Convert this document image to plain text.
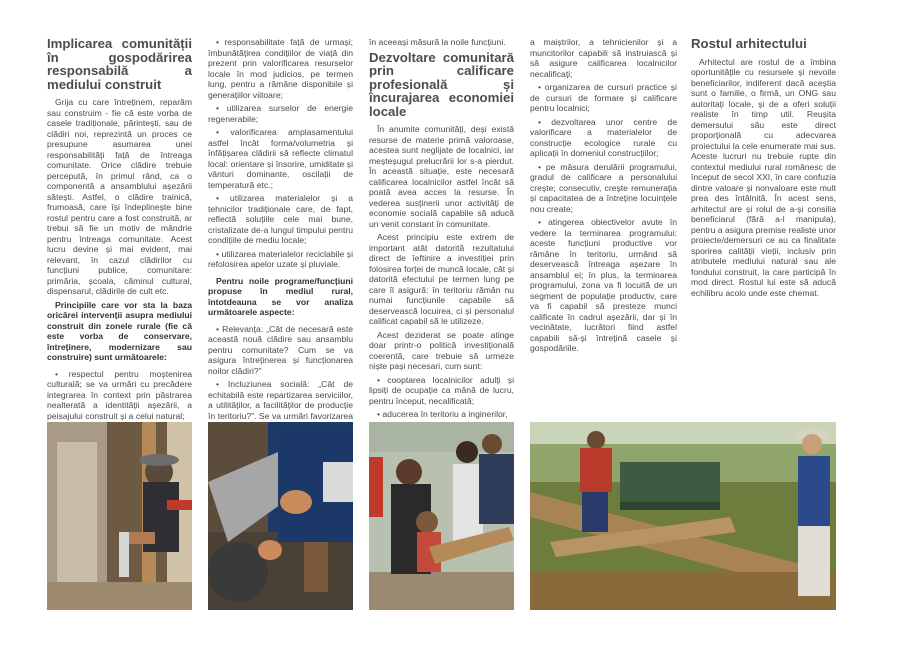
Implicarea comunității în gospodărirea responsabilă a mediului construit

Grija cu care întreținem, reparăm sau construim - fie că este vorba de casele tradiționale, părintești, sau de clădiri noi, reprezintă un proces ce presupune asumarea unei responsabilități față de întreaga comunitate. Orice clădire trebuie percepută, în primul rând, ca o componentă a ansamblului așezării sătești. Astfel, o clădire trainică, frumoasă, care își îndeplinește bine rostul pentru care a fost construită, ar trebui să fie un motiv de mândrie pentru întreaga comunitate. Acest lucru devine și mai evident, mai relevant, în cazul clădirilor cu funcțiuni publice, comunitare: primăria, școala, căminul cultural, dispensarul, clădirile de cult etc.

Principiile care vor sta la baza oricărei intervenții asupra mediului construit din zonele rurale (fie că este vorba de conservare, întreținere, modernizare sau construire) sunt următoarele:

• respectul pentru moștenirea culturală; se va urmări cu precădere integrarea în context prin păstrarea nealterată a identității așezării, a peisajului construit și a celui natural;

• responsabilitate față de urmași; îmbunătățirea condițiilor de viață din prezent prin valorificarea resurselor locale în mod judicios, pe termen lung, pentru a rămâne disponibile și generațiilor viitoare;

• utilizarea surselor de energie regenerabile;

• valorificarea amplasamentului astfel încât forma/volumetria și înfățișarea clădirii să reflecte climatul local: orientare și însorire, umiditate și vânturi dominante, oscilații de temperatură etc.;

• utilizarea materialelor și a tehnicilor tradiționale care, de fapt, reflectă soluțiile cele mai bune, cristalizate de-a lungul timpului pentru condițiile de mediu locale;

• utilizarea materialelor reciclabile și refolosirea apelor uzate și pluviale.

Pentru noile programe/funcțiuni propuse în mediul rural, întotdeauna se vor analiza următoarele aspecte:

• Relevanța: „Cât de necesară este această nouă clădire sau ansamblu pentru comunitate? Cum se va asigura întreținerea și funcționarea noilor clădiri?”

• Incluziunea socială: „Cât de echitabilă este repartizarea serviciilor, a utilităților, a facilităților de producție în teritoriu?”. Se va urmări favorizarea

în aceeași măsură la noile funcțiuni.

Dezvoltare comunitară prin calificare profesională și încurajarea economiei locale

În anumite comunități, deși există resurse de materie primă valoroase, acestea sunt neglijate de localnici, iar meșteșugul prelucrării lor s-a pierdut. În această situație, este necesară calificarea localnicilor astfel încât să poată avea acces la resurse. În vederea susținerii unor activități de economie socială capabile să aducă un venit constant în comunitate.

Acest principiu este extrem de important atât datorită rezultatului direct de îeftinire a investiției prin folosirea forței de muncă locale, cât și datorită efectului pe termen lung pe care îl asigură: în teritoriu rămân nu numai funcțiunile capabile să deservească locuirea, ci și personalul calificat capabil să le utilizeze.

Acest deziderat se poate atinge doar printr-o politică investițională coerentă, care trebuie să urmeze niște pași necesari, cum sunt:

• cooptarea localnicilor adulți și lipsiți de ocupație ca mână de lucru, pentru început, necalificată;

• aducerea în teritoriu a inginerilor,

a maiștrilor, a tehnicienilor și a muncitorilor capabili să instruiască și să asigure calificarea localnicilor necalificați;

• organizarea de cursuri practice și de cursuri de formare și calificare pentru localnici;

• dezvoltarea unor centre de valorificare a materialelor de construcție ecologice rurale cu aplicații în domeniul construcțiilor;

• pe măsura derulării programului, gradul de calificare a personalului crește; consecutiv, crește remunerația și capacitatea de a întreține locuințele nou create;

• atingerea obiectivelor avute în vedere la terminarea programului: aceste funcțiuni productive vor rămâne în teritoriu, urmând să deservească întreaga așezare în ansamblul ei; în plus, la terminarea programului, zona va fi locuită de un segment de populație productiv, care va fi capabil să presteze munci calificate în cadrul așezării, dar și în vecinătate, lucrători fiind astfel capabili să-și întrețină casele și gospodăriile.

Rostul arhitectului

Arhitectul are rostul de a îmbina oportunitățile cu resursele și nevoile beneficiarilor, indiferent dacă aceștia sunt o familie, o firmă, un ONG sau autoritați locale, și de a oferi soluții realiste în timp util. Reușita demersului său este direct proporțională cu adecvarea proiectului la cele enumerate mai sus. Aceste lucruri nu trebuie rupte din contextul mediului rural românesc de început de secol XXI, în care confuzia dintre valoare și nonvaloare este mult prea des întâlnită. În acest sens, arhitectul are și rolul de a-și consilia beneficiarul (fără a-l manipula), pentru a asigura premise realiste unor proiecte/demersuri ce au ca finalitate sporirea calității vieții, inclusiv prin atributele mediului natural sau ale fondului construit, la care participă în mod direct. Rostul lui este să aducă echilibru acolo unde este chemat.
